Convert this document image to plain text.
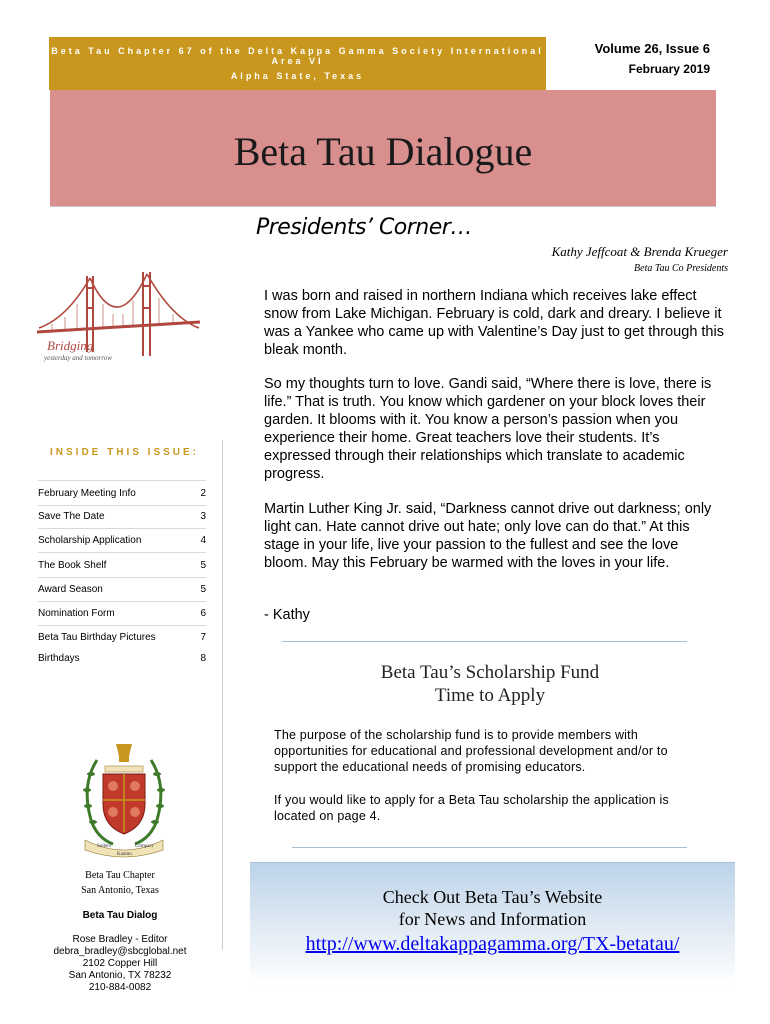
Beta Tau Chapter 67 of the Delta Kappa Gamma Society International Area VI
Alpha State, Texas
Volume 26, Issue 6
February 2019
Beta Tau Dialogue
Presidents’ Corner…
Kathy Jeffcoat & Brenda Krueger
Beta Tau Co Presidents
Bridging
yesterday and tomorrow
I was born and raised in northern Indiana which receives lake effect snow from Lake Michigan. February is cold, dark and dreary. I believe it was a Yankee who came up with Valentine’s Day just to get through this bleak month.
So my thoughts turn to love. Gandi said, “Where there is love, there is life.” That is truth. You know which gardener on your block loves their garden. It blooms with it. You know a person’s passion when you experience their home. Great teachers love their students. It’s expressed through their relationships which translate to academic progress.
Martin Luther King Jr. said, “Darkness cannot drive out darkness; only light can. Hate cannot drive out hate; only love can do that.” At this stage in your life, live your passion to the fullest and see the love bloom. May this February be warmed with the loves in your life.
- Kathy
INSIDE THIS ISSUE:
February Meeting Info	2
Save The Date	3
Scholarship Application	4
The Book Shelf	5
Award Season	5
Nomination Form	6
Beta Tau Birthday Pictures	7
Birthdays	8
Sollers	Compact
Kaumu
Beta Tau Chapter
San Antonio, Texas
Beta Tau Dialog
Rose Bradley - Editor
debra_bradley@sbcglobal.net
2102 Copper Hill
San Antonio, TX 78232
210-884-0082
Beta Tau’s Scholarship Fund
Time to Apply
The purpose of the scholarship fund is to provide members with opportunities for educational and professional development and/or to support the educational needs of promising educators.
If you would like to apply for a Beta Tau scholarship the application is located on page 4.
Check Out Beta Tau’s Website
for News and Information
http://www.deltakappagamma.org/TX-betatau/
